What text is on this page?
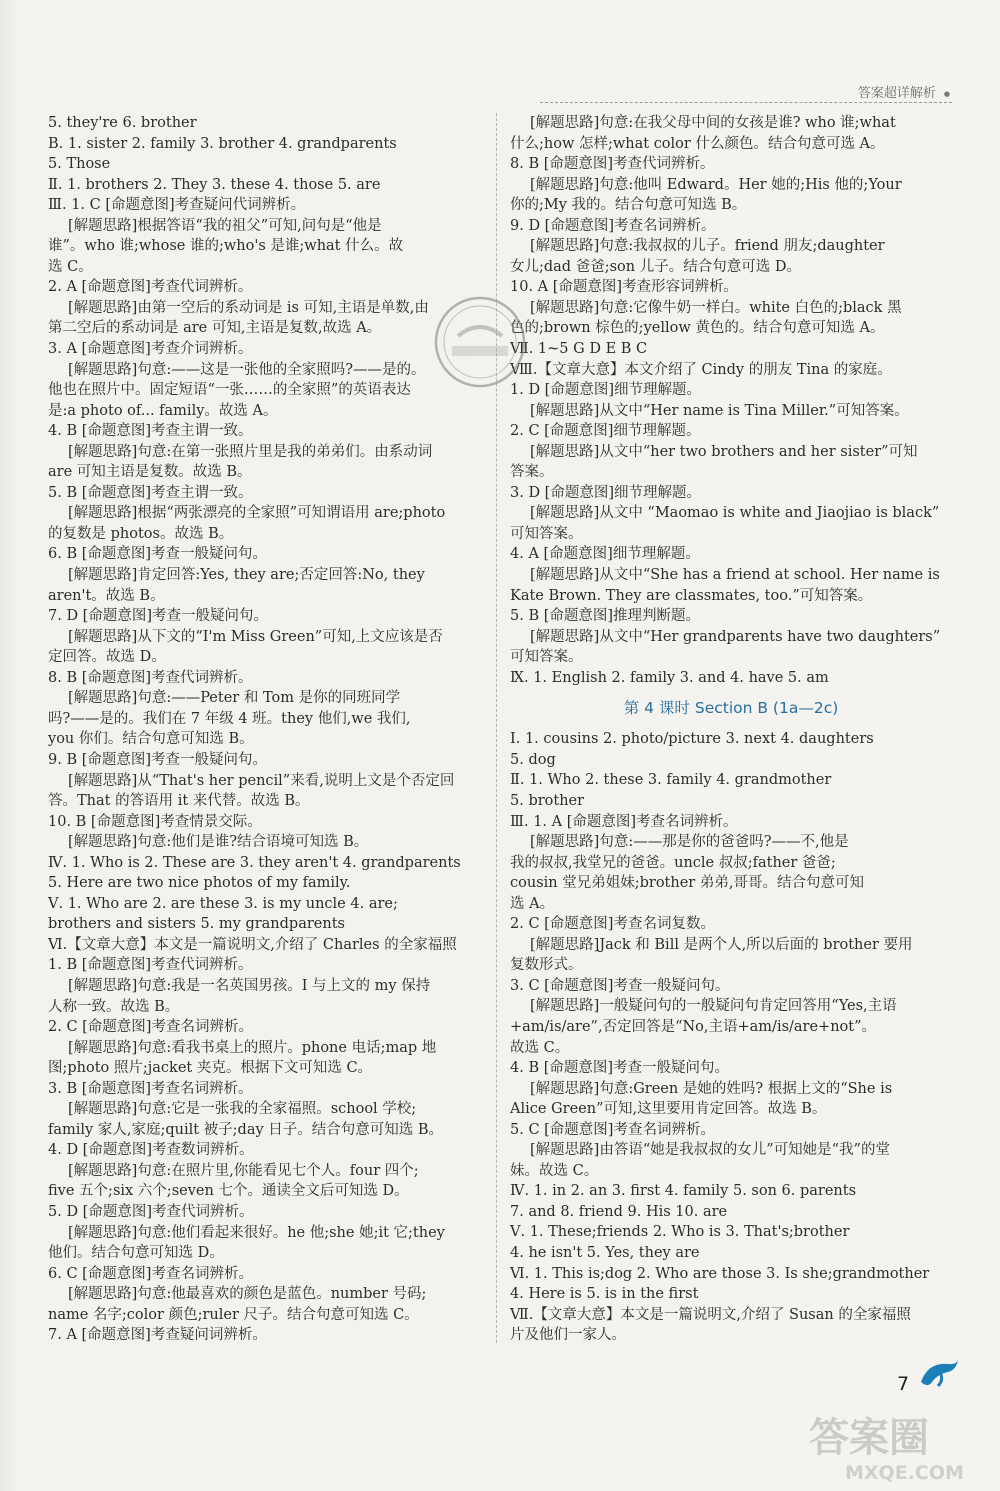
答案超详解析 ●
5. they're 6. brother
B. 1. sister 2. family 3. brother 4. grandparents
5. Those
Ⅱ. 1. brothers 2. They 3. these 4. those 5. are
Ⅲ. 1. C [命题意图]考查疑问代词辨析。
[解题思路]根据答语“我的祖父”可知,问句是“他是
谁”。who 谁;whose 谁的;who's 是谁;what 什么。故
选 C。
2. A [命题意图]考查代词辨析。
[解题思路]由第一空后的系动词是 is 可知,主语是单数,由
第二空后的系动词是 are 可知,主语是复数,故选 A。
3. A [命题意图]考查介词辨析。
[解题思路]句意:——这是一张他的全家照吗?——是的。
他也在照片中。固定短语“一张……的全家照”的英语表达
是:a photo of... family。故选 A。
4. B [命题意图]考查主谓一致。
[解题思路]句意:在第一张照片里是我的弟弟们。由系动词
are 可知主语是复数。故选 B。
5. B [命题意图]考查主谓一致。
[解题思路]根据“两张漂亮的全家照”可知谓语用 are;photo
的复数是 photos。故选 B。
6. B [命题意图]考查一般疑问句。
[解题思路]肯定回答:Yes, they are;否定回答:No, they
aren't。故选 B。
7. D [命题意图]考查一般疑问句。
[解题思路]从下文的“I'm Miss Green”可知,上文应该是否
定回答。故选 D。
8. B [命题意图]考查代词辨析。
[解题思路]句意:——Peter 和 Tom 是你的同班同学
吗?——是的。我们在 7 年级 4 班。they 他们,we 我们,
you 你们。结合句意可知选 B。
9. B [命题意图]考查一般疑问句。
[解题思路]从“That's her pencil”来看,说明上文是个否定回
答。That 的答语用 it 来代替。故选 B。
10. B [命题意图]考查情景交际。
[解题思路]句意:他们是谁?结合语境可知选 B。
Ⅳ. 1. Who is 2. These are 3. they aren't 4. grandparents
5. Here are two nice photos of my family.
Ⅴ. 1. Who are 2. are these 3. is my uncle 4. are;
brothers and sisters 5. my grandparents
Ⅵ.【文章大意】本文是一篇说明文,介绍了 Charles 的全家福照
1. B [命题意图]考查代词辨析。
[解题思路]句意:我是一名英国男孩。I 与上文的 my 保持
人称一致。故选 B。
2. C [命题意图]考查名词辨析。
[解题思路]句意:看我书桌上的照片。phone 电话;map 地
图;photo 照片;jacket 夹克。根据下文可知选 C。
3. B [命题意图]考查名词辨析。
[解题思路]句意:它是一张我的全家福照。school 学校;
family 家人,家庭;quilt 被子;day 日子。结合句意可知选 B。
4. D [命题意图]考查数词辨析。
[解题思路]句意:在照片里,你能看见七个人。four 四个;
five 五个;six 六个;seven 七个。通读全文后可知选 D。
5. D [命题意图]考查代词辨析。
[解题思路]句意:他们看起来很好。he 他;she 她;it 它;they
他们。结合句意可知选 D。
6. C [命题意图]考查名词辨析。
[解题思路]句意:他最喜欢的颜色是蓝色。number 号码;
name 名字;color 颜色;ruler 尺子。结合句意可知选 C。
7. A [命题意图]考查疑问词辨析。
[解题思路]句意:在我父母中间的女孩是谁? who 谁;what
什么;how 怎样;what color 什么颜色。结合句意可选 A。
8. B [命题意图]考查代词辨析。
[解题思路]句意:他叫 Edward。Her 她的;His 他的;Your
你的;My 我的。结合句意可知选 B。
9. D [命题意图]考查名词辨析。
[解题思路]句意:我叔叔的儿子。friend 朋友;daughter
女儿;dad 爸爸;son 儿子。结合句意可选 D。
10. A [命题意图]考查形容词辨析。
[解题思路]句意:它像牛奶一样白。white 白色的;black 黑
色的;brown 棕色的;yellow 黄色的。结合句意可知选 A。
Ⅶ. 1~5 G D E B C
Ⅷ.【文章大意】本文介绍了 Cindy 的朋友 Tina 的家庭。
1. D [命题意图]细节理解题。
[解题思路]从文中“Her name is Tina Miller.”可知答案。
2. C [命题意图]细节理解题。
[解题思路]从文中“her two brothers and her sister”可知
答案。
3. D [命题意图]细节理解题。
[解题思路]从文中 “Maomao is white and Jiaojiao is black”
可知答案。
4. A [命题意图]细节理解题。
[解题思路]从文中“She has a friend at school. Her name is
Kate Brown. They are classmates, too.”可知答案。
5. B [命题意图]推理判断题。
[解题思路]从文中“Her grandparents have two daughters”
可知答案。
Ⅸ. 1. English 2. family 3. and 4. have 5. am
第 4 课时 Section B (1a—2c)
Ⅰ. 1. cousins 2. photo/picture 3. next 4. daughters
5. dog
Ⅱ. 1. Who 2. these 3. family 4. grandmother
5. brother
Ⅲ. 1. A [命题意图]考查名词辨析。
[解题思路]句意:——那是你的爸爸吗?——不,他是
我的叔叔,我堂兄的爸爸。uncle 叔叔;father 爸爸;
cousin 堂兄弟姐妹;brother 弟弟,哥哥。结合句意可知
选 A。
2. C [命题意图]考查名词复数。
[解题思路]Jack 和 Bill 是两个人,所以后面的 brother 要用
复数形式。
3. C [命题意图]考查一般疑问句。
[解题思路]一般疑问句的一般疑问句肯定回答用“Yes,主语
+am/is/are”,否定回答是“No,主语+am/is/are+not”。
故选 C。
4. B [命题意图]考查一般疑问句。
[解题思路]句意:Green 是她的姓吗? 根据上文的“She is
Alice Green”可知,这里要用肯定回答。故选 B。
5. C [命题意图]考查名词辨析。
[解题思路]由答语“她是我叔叔的女儿”可知她是“我”的堂
妹。故选 C。
Ⅳ. 1. in 2. an 3. first 4. family 5. son 6. parents
7. and 8. friend 9. His 10. are
Ⅴ. 1. These;friends 2. Who is 3. That's;brother
4. he isn't 5. Yes, they are
Ⅵ. 1. This is;dog 2. Who are those 3. Is she;grandmother
4. Here is 5. is in the first
Ⅶ.【文章大意】本文是一篇说明文,介绍了 Susan 的全家福照
片及他们一家人。
7
答案圈
MXQE.COM
